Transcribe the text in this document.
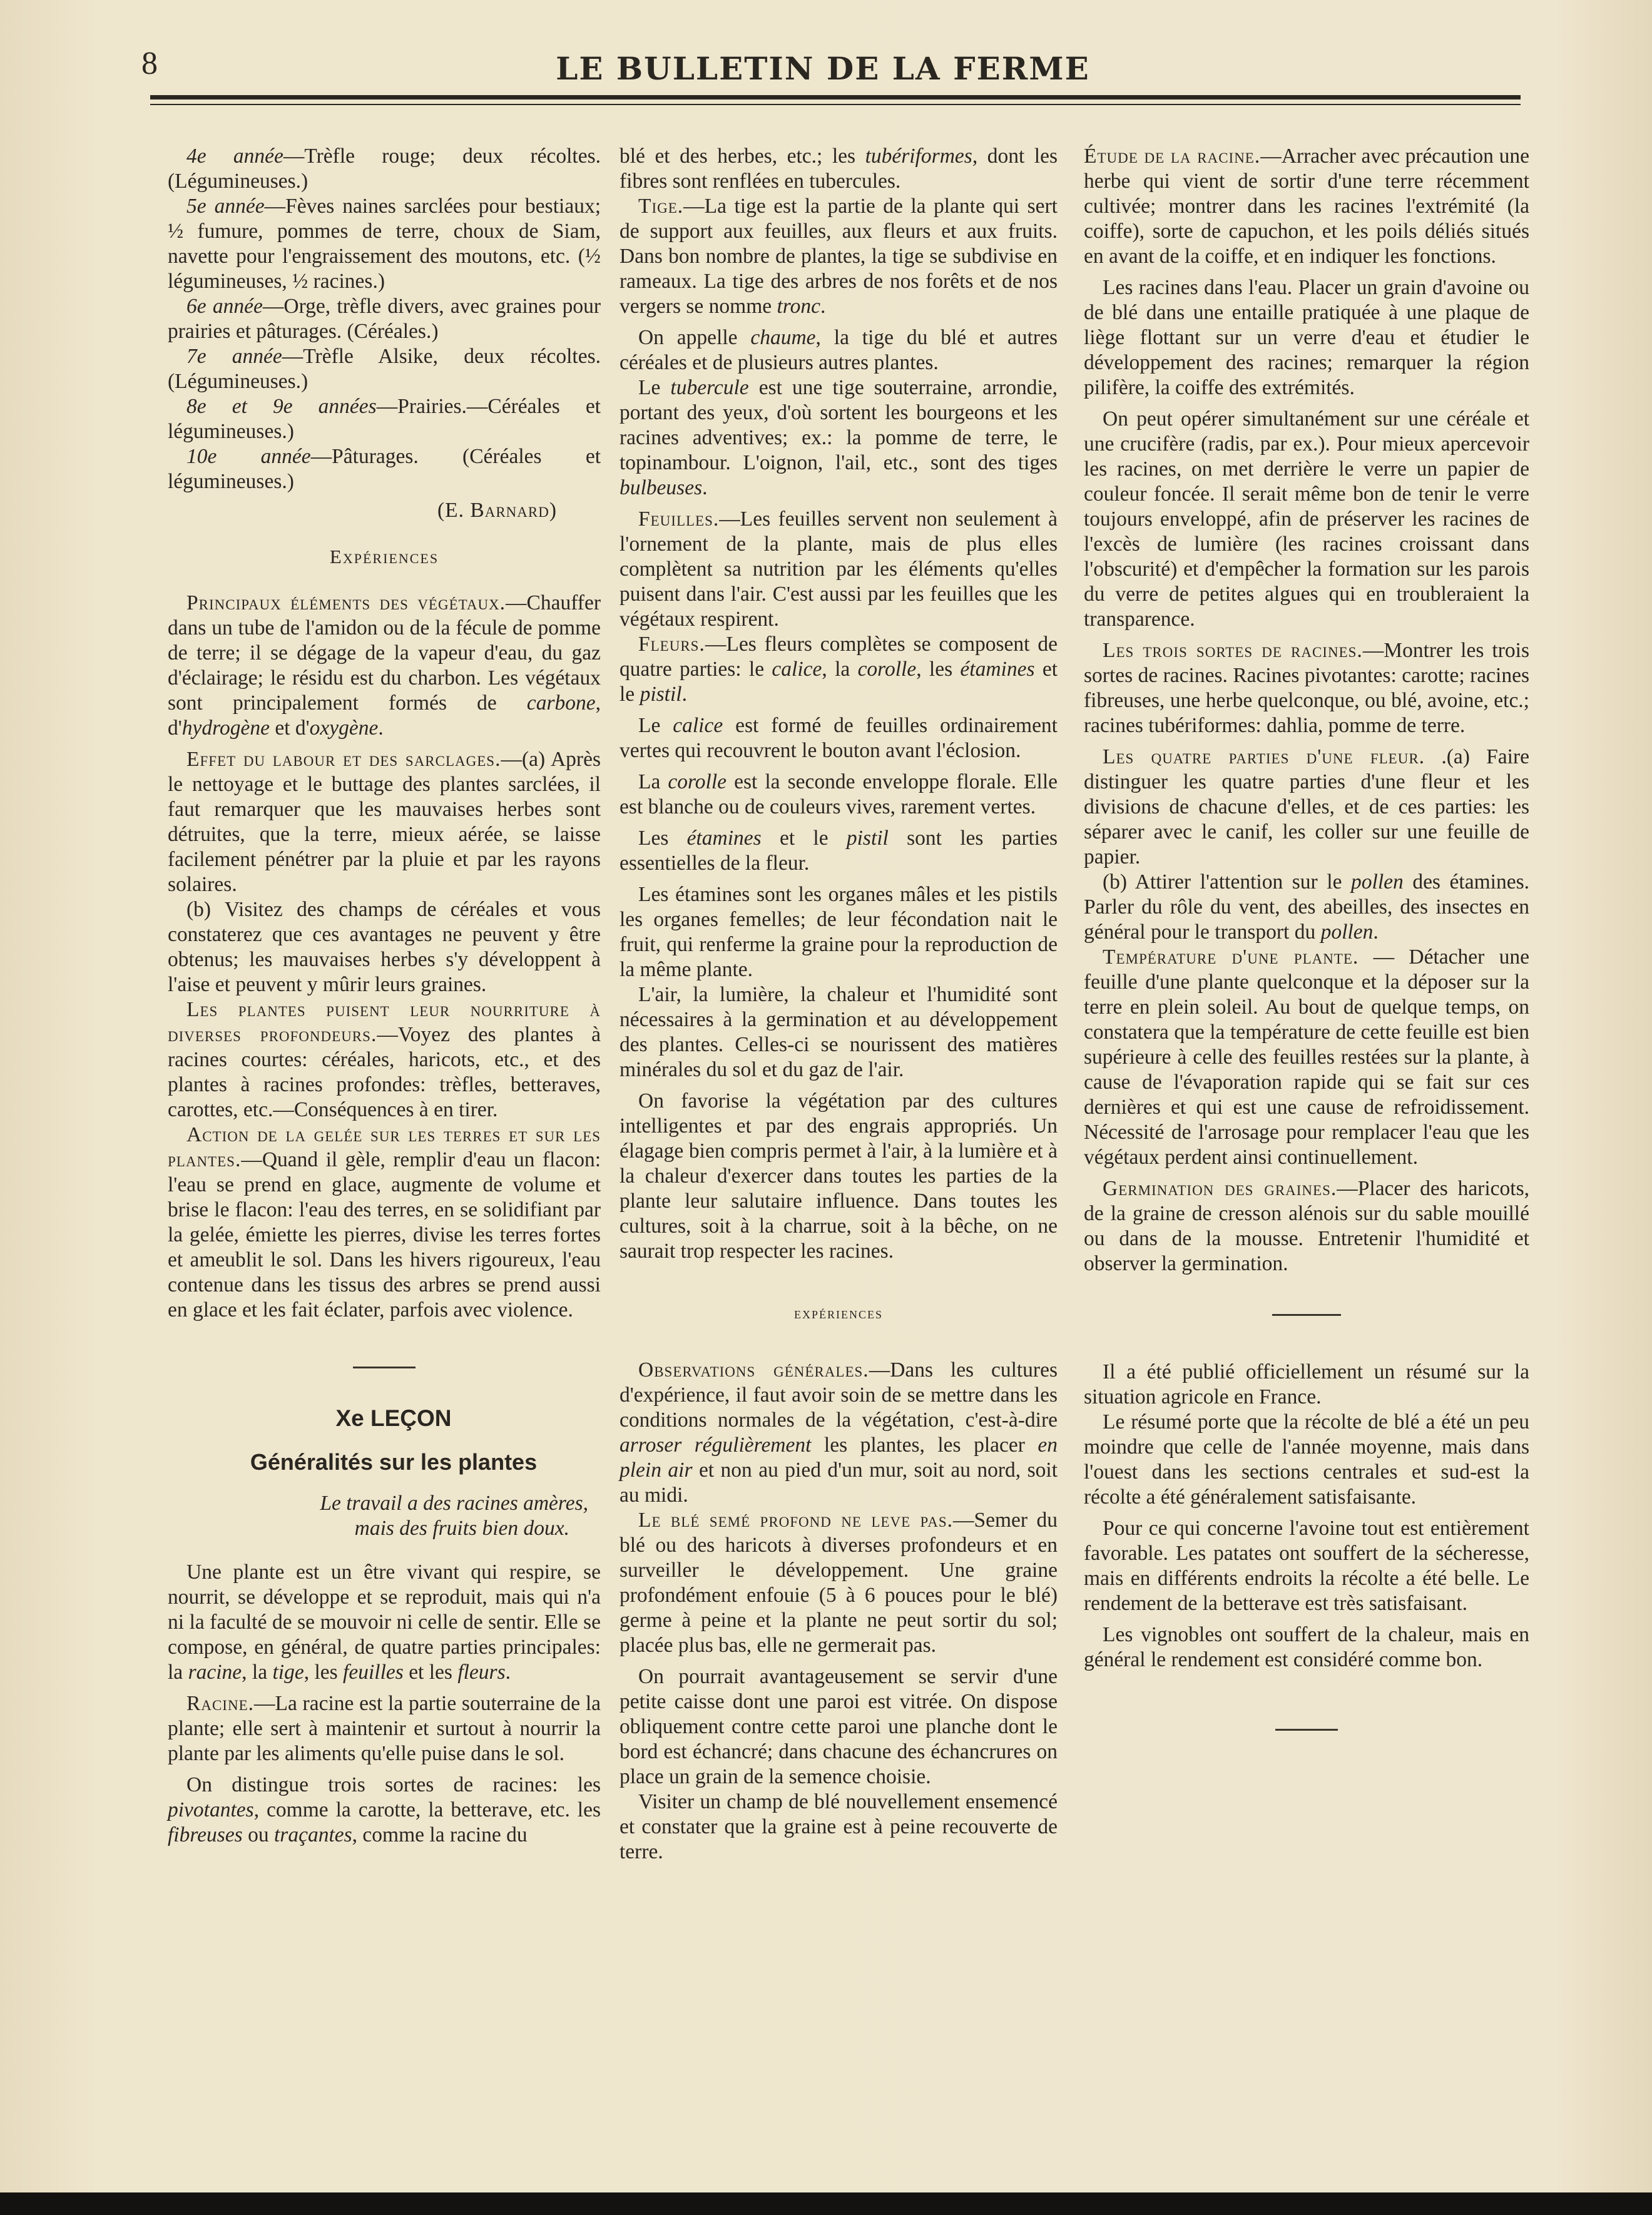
8	LE BULLETIN DE LA FERME

4e année—Trèfle rouge; deux récoltes. (Légumineuses.)

5e année—Fèves naines sarclées pour bestiaux; ½ fumure, pommes de terre, choux de Siam, navette pour l'engraissement des moutons, etc. (½ légumineuses, ½ racines.)

6e année—Orge, trèfle divers, avec graines pour prairies et pâturages. (Céréales.)

7e année—Trèfle Alsike, deux récoltes. (Légumineuses.)

8e et 9e années—Prairies.—Céréales et légumineuses.)

10e année—Pâturages. (Céréales et légumineuses.)

(E. Barnard)

Expériences

Principaux éléments des végétaux.—Chauffer dans un tube de l'amidon ou de la fécule de pomme de terre; il se dégage de la vapeur d'eau, du gaz d'éclairage; le résidu est du charbon. Les végétaux sont principalement formés de carbone, d'hydrogène et d'oxygène.

Effet du labour et des sarclages.—(a) Après le nettoyage et le buttage des plantes sarclées, il faut remarquer que les mauvaises herbes sont détruites, que la terre, mieux aérée, se laisse facilement pénétrer par la pluie et par les rayons solaires.

(b) Visitez des champs de céréales et vous constaterez que ces avantages ne peuvent y être obtenus; les mauvaises herbes s'y développent à l'aise et peuvent y mûrir leurs graines.

Les plantes puisent leur nourriture à diverses profondeurs.—Voyez des plantes à racines courtes: céréales, haricots, etc., et des plantes à racines profondes: trèfles, betteraves, carottes, etc.—Conséquences à en tirer.

Action de la gelée sur les terres et sur les plantes.—Quand il gèle, remplir d'eau un flacon: l'eau se prend en glace, augmente de volume et brise le flacon: l'eau des terres, en se solidifiant par la gelée, émiette les pierres, divise les terres fortes et ameublit le sol. Dans les hivers rigoureux, l'eau contenue dans les tissus des arbres se prend aussi en glace et les fait éclater, parfois avec violence.

Xe LEÇON

Généralités sur les plantes

Le travail a des racines amères,

mais des fruits bien doux.

Une plante est un être vivant qui respire, se nourrit, se développe et se reproduit, mais qui n'a ni la faculté de se mouvoir ni celle de sentir. Elle se compose, en général, de quatre parties principales: la racine, la tige, les feuilles et les fleurs.

Racine.—La racine est la partie souterraine de la plante; elle sert à maintenir et surtout à nourrir la plante par les aliments qu'elle puise dans le sol.

On distingue trois sortes de racines: les pivotantes, comme la carotte, la betterave, etc. les fibreuses ou traçantes, comme la racine du

blé et des herbes, etc.; les tubériformes, dont les fibres sont renflées en tubercules.

Tige.—La tige est la partie de la plante qui sert de support aux feuilles, aux fleurs et aux fruits. Dans bon nombre de plantes, la tige se subdivise en rameaux. La tige des arbres de nos forêts et de nos vergers se nomme tronc.

On appelle chaume, la tige du blé et autres céréales et de plusieurs autres plantes.

Le tubercule est une tige souterraine, arrondie, portant des yeux, d'où sortent les bourgeons et les racines adventives; ex.: la pomme de terre, le topinambour. L'oignon, l'ail, etc., sont des tiges bulbeuses.

Feuilles.—Les feuilles servent non seulement à l'ornement de la plante, mais de plus elles complètent sa nutrition par les éléments qu'elles puisent dans l'air. C'est aussi par les feuilles que les végétaux respirent.

Fleurs.—Les fleurs complètes se composent de quatre parties: le calice, la corolle, les étamines et le pistil.

Le calice est formé de feuilles ordinairement vertes qui recouvrent le bouton avant l'éclosion.

La corolle est la seconde enveloppe florale. Elle est blanche ou de couleurs vives, rarement vertes.

Les étamines et le pistil sont les parties essentielles de la fleur.

Les étamines sont les organes mâles et les pistils les organes femelles; de leur fécondation nait le fruit, qui renferme la graine pour la reproduction de la même plante.

L'air, la lumière, la chaleur et l'humidité sont nécessaires à la germination et au développement des plantes. Celles-ci se nourissent des matières minérales du sol et du gaz de l'air.

On favorise la végétation par des cultures intelligentes et par des engrais appropriés. Un élagage bien compris permet à l'air, à la lumière et à la chaleur d'exercer dans toutes les parties de la plante leur salutaire influence. Dans toutes les cultures, soit à la charrue, soit à la bêche, on ne saurait trop respecter les racines.

expériences

Observations générales.—Dans les cultures d'expérience, il faut avoir soin de se mettre dans les conditions normales de la végétation, c'est-à-dire arroser régulièrement les plantes, les placer en plein air et non au pied d'un mur, soit au nord, soit au midi.

Le blé semé profond ne leve pas.—Semer du blé ou des haricots à diverses profondeurs et en surveiller le développement. Une graine profondément enfouie (5 à 6 pouces pour le blé) germe à peine et la plante ne peut sortir du sol; placée plus bas, elle ne germerait pas.

On pourrait avantageusement se servir d'une petite caisse dont une paroi est vitrée. On dispose obliquement contre cette paroi une planche dont le bord est échancré; dans chacune des échancrures on place un grain de la semence choisie.

Visiter un champ de blé nouvellement ensemencé et constater que la graine est à peine recouverte de terre.

Étude de la racine.—Arracher avec précaution une herbe qui vient de sortir d'une terre récemment cultivée; montrer dans les racines l'extrémité (la coiffe), sorte de capuchon, et les poils déliés situés en avant de la coiffe, et en indiquer les fonctions.

Les racines dans l'eau. Placer un grain d'avoine ou de blé dans une entaille pratiquée à une plaque de liège flottant sur un verre d'eau et étudier le développement des racines; remarquer la région pilifère, la coiffe des extrémités.

On peut opérer simultanément sur une céréale et une crucifère (radis, par ex.). Pour mieux apercevoir les racines, on met derrière le verre un papier de couleur foncée. Il serait même bon de tenir le verre toujours enveloppé, afin de préserver les racines de l'excès de lumière (les racines croissant dans l'obscurité) et d'empêcher la formation sur les parois du verre de petites algues qui en troubleraient la transparence.

Les trois sortes de racines.—Montrer les trois sortes de racines. Racines pivotantes: carotte; racines fibreuses, une herbe quelconque, ou blé, avoine, etc.; racines tubériformes: dahlia, pomme de terre.

Les quatre parties d'une fleur. .(a) Faire distinguer les quatre parties d'une fleur et les divisions de chacune d'elles, et de ces parties: les séparer avec le canif, les coller sur une feuille de papier.

(b) Attirer l'attention sur le pollen des étamines. Parler du rôle du vent, des abeilles, des insectes en général pour le transport du pollen.

Température d'une plante. — Détacher une feuille d'une plante quelconque et la déposer sur la terre en plein soleil. Au bout de quelque temps, on constatera que la température de cette feuille est bien supérieure à celle des feuilles restées sur la plante, à cause de l'évaporation rapide qui se fait sur ces dernières et qui est une cause de refroidissement. Nécessité de l'arrosage pour remplacer l'eau que les végétaux perdent ainsi continuellement.

Germination des graines.—Placer des haricots, de la graine de cresson alénois sur du sable mouillé ou dans de la mousse. Entretenir l'humidité et observer la germination.

Il a été publié officiellement un résumé sur la situation agricole en France.

Le résumé porte que la récolte de blé a été un peu moindre que celle de l'année moyenne, mais dans l'ouest dans les sections centrales et sud-est la récolte a été généralement satisfaisante.

Pour ce qui concerne l'avoine tout est entièrement favorable. Les patates ont souffert de la sécheresse, mais en différents endroits la récolte a été belle. Le rendement de la betterave est très satisfaisant.

Les vignobles ont souffert de la chaleur, mais en général le rendement est considéré comme bon.
